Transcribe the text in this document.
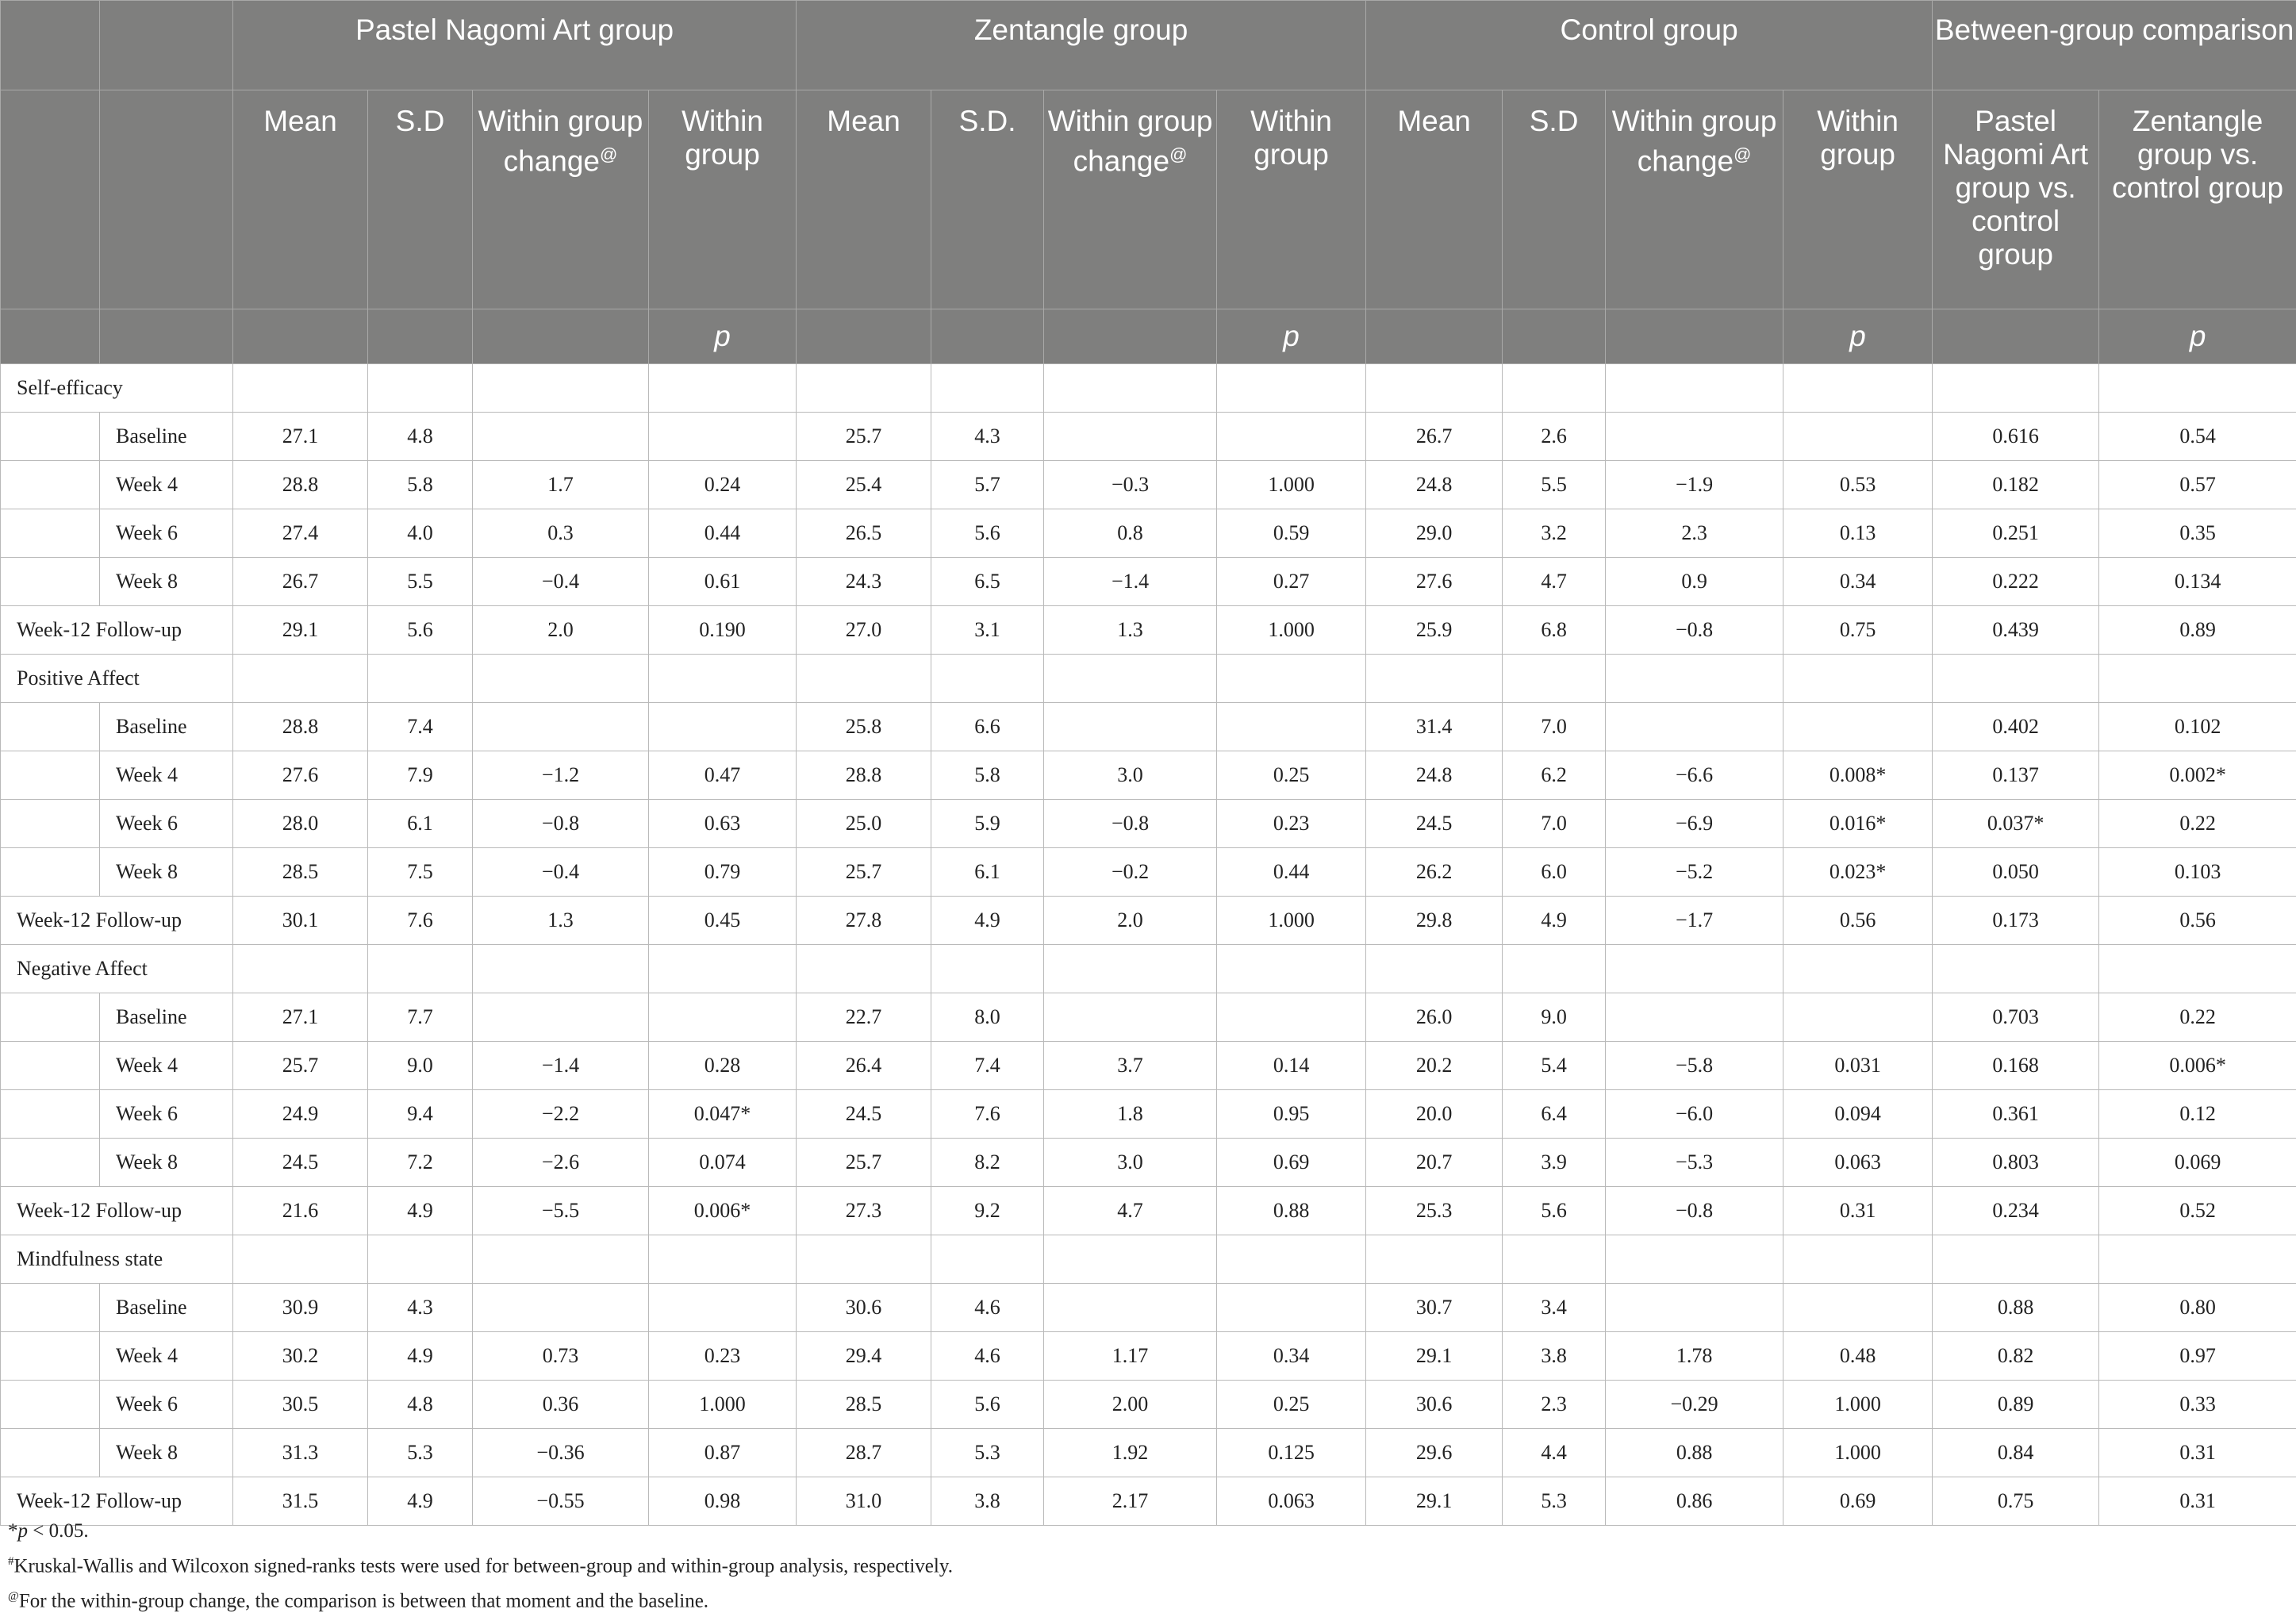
		Pastel Nagomi Art group				Zentangle group				Control group				Between-group comparison	
		Mean	S.D	Within group change@	Within group	Mean	S.D.	Within group change@	Within group	Mean	S.D	Within group change@	Within group	Pastel Nagomi Art group vs. control group	Zentangle group vs. control group
					p				p				p		p
Self-efficacy															
	Baseline	27.1	4.8			25.7	4.3			26.7	2.6			0.616	0.54
	Week 4	28.8	5.8	1.7	0.24	25.4	5.7	−0.3	1.000	24.8	5.5	−1.9	0.53	0.182	0.57
	Week 6	27.4	4.0	0.3	0.44	26.5	5.6	0.8	0.59	29.0	3.2	2.3	0.13	0.251	0.35
	Week 8	26.7	5.5	−0.4	0.61	24.3	6.5	−1.4	0.27	27.6	4.7	0.9	0.34	0.222	0.134
Week-12 Follow-up		29.1	5.6	2.0	0.190	27.0	3.1	1.3	1.000	25.9	6.8	−0.8	0.75	0.439	0.89
Positive Affect															
	Baseline	28.8	7.4			25.8	6.6			31.4	7.0			0.402	0.102
	Week 4	27.6	7.9	−1.2	0.47	28.8	5.8	3.0	0.25	24.8	6.2	−6.6	0.008*	0.137	0.002*
	Week 6	28.0	6.1	−0.8	0.63	25.0	5.9	−0.8	0.23	24.5	7.0	−6.9	0.016*	0.037*	0.22
	Week 8	28.5	7.5	−0.4	0.79	25.7	6.1	−0.2	0.44	26.2	6.0	−5.2	0.023*	0.050	0.103
Week-12 Follow-up		30.1	7.6	1.3	0.45	27.8	4.9	2.0	1.000	29.8	4.9	−1.7	0.56	0.173	0.56
Negative Affect															
	Baseline	27.1	7.7			22.7	8.0			26.0	9.0			0.703	0.22
	Week 4	25.7	9.0	−1.4	0.28	26.4	7.4	3.7	0.14	20.2	5.4	−5.8	0.031	0.168	0.006*
	Week 6	24.9	9.4	−2.2	0.047*	24.5	7.6	1.8	0.95	20.0	6.4	−6.0	0.094	0.361	0.12
	Week 8	24.5	7.2	−2.6	0.074	25.7	8.2	3.0	0.69	20.7	3.9	−5.3	0.063	0.803	0.069
Week-12 Follow-up		21.6	4.9	−5.5	0.006*	27.3	9.2	4.7	0.88	25.3	5.6	−0.8	0.31	0.234	0.52
Mindfulness state															
	Baseline	30.9	4.3			30.6	4.6			30.7	3.4			0.88	0.80
	Week 4	30.2	4.9	0.73	0.23	29.4	4.6	1.17	0.34	29.1	3.8	1.78	0.48	0.82	0.97
	Week 6	30.5	4.8	0.36	1.000	28.5	5.6	2.00	0.25	30.6	2.3	−0.29	1.000	0.89	0.33
	Week 8	31.3	5.3	−0.36	0.87	28.7	5.3	1.92	0.125	29.6	4.4	0.88	1.000	0.84	0.31
Week-12 Follow-up		31.5	4.9	−0.55	0.98	31.0	3.8	2.17	0.063	29.1	5.3	0.86	0.69	0.75	0.31
*p < 0.05.
#Kruskal-Wallis and Wilcoxon signed-ranks tests were used for between-group and within-group analysis, respectively.
@For the within-group change, the comparison is between that moment and the baseline.
